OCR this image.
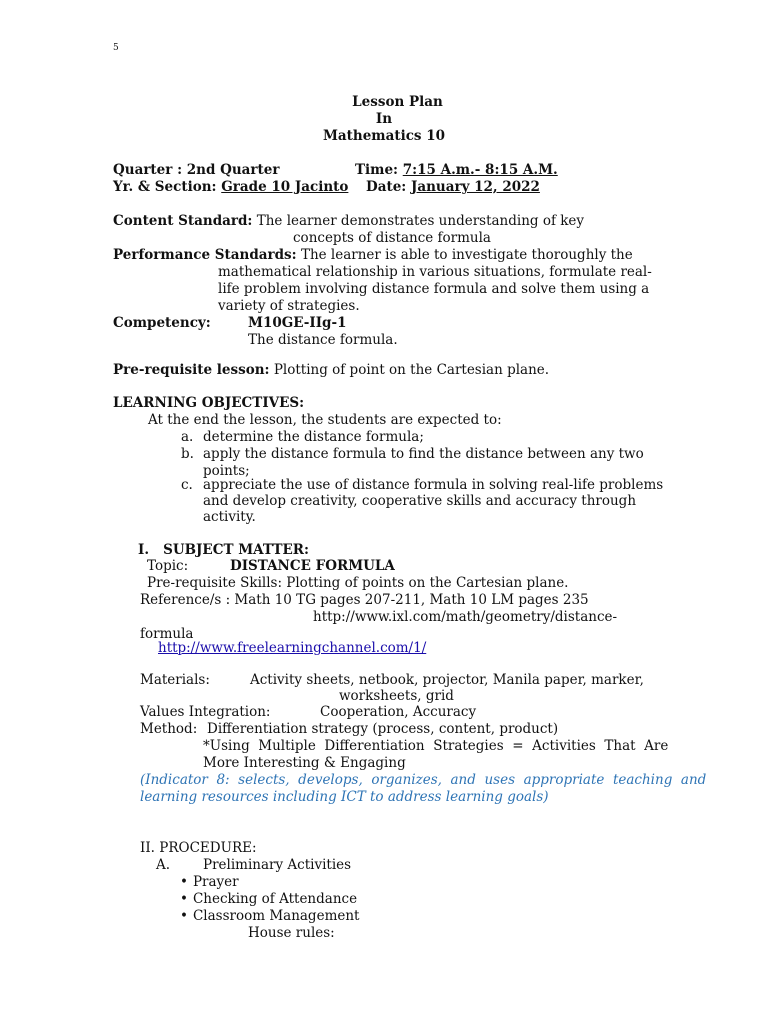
5
Lesson Plan
In
Mathematics 10
Quarter : 2nd Quarter	Time: 7:15 A.m.- 8:15 A.M.
Yr. & Section: Grade 10 Jacinto Date: January 12, 2022
Content Standard: The learner demonstrates understanding of key
concepts of distance formula
Performance Standards: The learner is able to investigate thoroughly the
mathematical relationship in various situations, formulate real-
life problem involving distance formula and solve them using a
variety of strategies.
Competency:	M10GE-IIg-1
The distance formula.
Pre-requisite lesson: Plotting of point on the Cartesian plane.
LEARNING OBJECTIVES:
At the end the lesson, the students are expected to:
a. determine the distance formula;
b. apply the distance formula to find the distance between any two
points;
c. appreciate the use of distance formula in solving real-life problems
and develop creativity, cooperative skills and accuracy through
activity.
I.   SUBJECT MATTER:
Topic:	DISTANCE FORMULA
Pre-requisite Skills: Plotting of points on the Cartesian plane.
Reference/s : Math 10 TG pages 207-211, Math 10 LM pages 235
http://www.ixl.com/math/geometry/distance-
formula
http://www.freelearningchannel.com/1/
Materials:	Activity sheets, netbook, projector, Manila paper, marker,
worksheets, grid
Values Integration:	Cooperation, Accuracy
Method: Differentiation strategy (process, content, product)
*Using  Multiple  Differentiation  Strategies  =  Activities  That  Are
More Interesting & Engaging
(Indicator  8:  selects,  develops,  organizes,  and  uses  appropriate  teaching  and
learning resources including ICT to address learning goals)
II. PROCEDURE:
A. Preliminary Activities
• Prayer
• Checking of Attendance
• Classroom Management
House rules:
